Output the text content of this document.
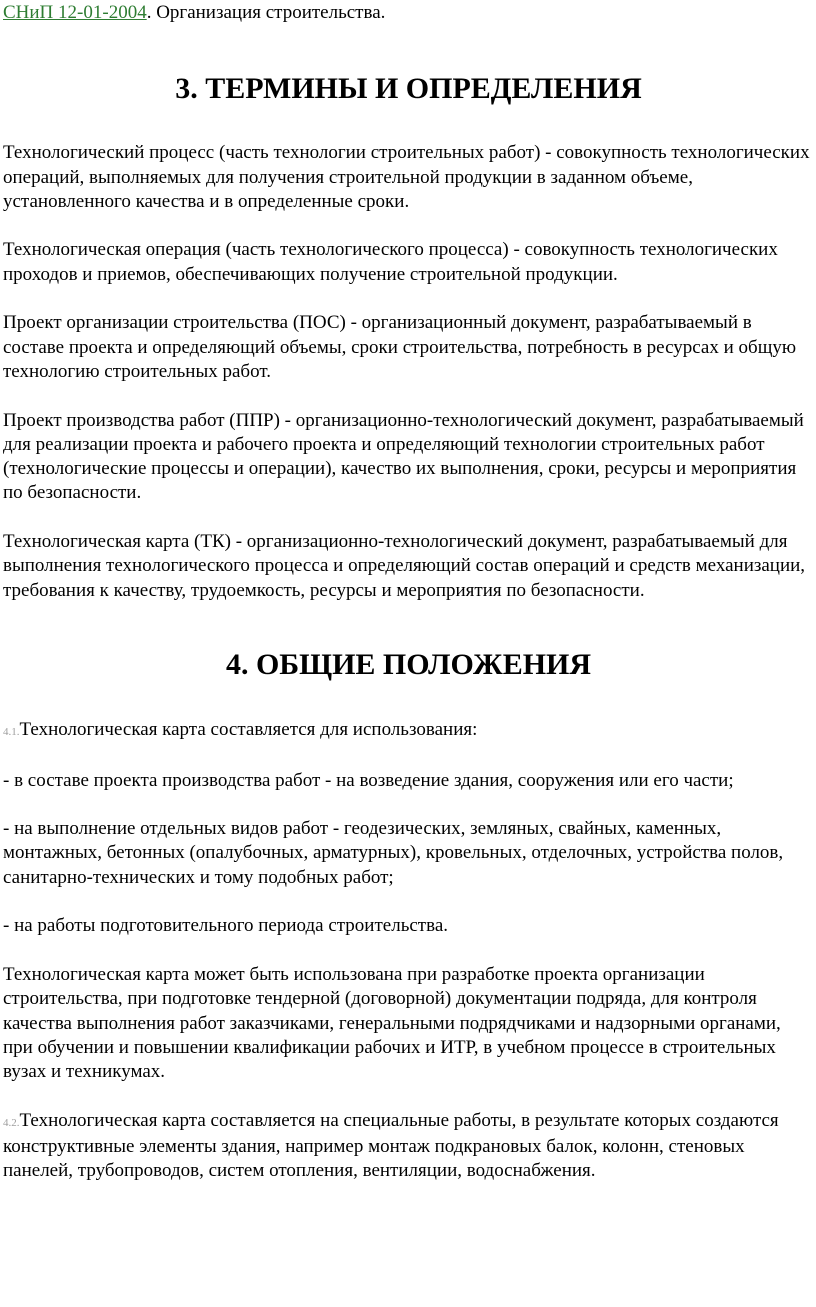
СНиП 12-01-2004. Организация строительства.

3. ТЕРМИНЫ И ОПРЕДЕЛЕНИЯ

Технологический процесс (часть технологии строительных работ) - совокупность технологических операций, выполняемых для получения строительной продукции в заданном объеме, установленного качества и в определенные сроки.

Технологическая операция (часть технологического процесса) - совокупность технологических проходов и приемов, обеспечивающих получение строительной продукции.

Проект организации строительства (ПОС) - организационный документ, разрабатываемый в составе проекта и определяющий объемы, сроки строительства, потребность в ресурсах и общую технологию строительных работ.

Проект производства работ (ППР) - организационно-технологический документ, разрабатываемый для реализации проекта и рабочего проекта и определяющий технологии строительных работ (технологические процессы и операции), качество их выполнения, сроки, ресурсы и мероприятия по безопасности.

Технологическая карта (ТК) - организационно-технологический документ, разрабатываемый для выполнения технологического процесса и определяющий состав операций и средств механизации, требования к качеству, трудоемкость, ресурсы и мероприятия по безопасности.

4. ОБЩИЕ ПОЛОЖЕНИЯ

4.1.Технологическая карта составляется для использования:

- в составе проекта производства работ - на возведение здания, сооружения или его части;

- на выполнение отдельных видов работ - геодезических, земляных, свайных, каменных, монтажных, бетонных (опалубочных, арматурных), кровельных, отделочных, устройства полов, санитарно-технических и тому подобных работ;

- на работы подготовительного периода строительства.

Технологическая карта может быть использована при разработке проекта организации строительства, при подготовке тендерной (договорной) документации подряда, для контроля качества выполнения работ заказчиками, генеральными подрядчиками и надзорными органами, при обучении и повышении квалификации рабочих и ИТР, в учебном процессе в строительных вузах и техникумах.

4.2.Технологическая карта составляется на специальные работы, в результате которых создаются конструктивные элементы здания, например монтаж подкрановых балок, колонн, стеновых панелей, трубопроводов, систем отопления, вентиляции, водоснабжения.
